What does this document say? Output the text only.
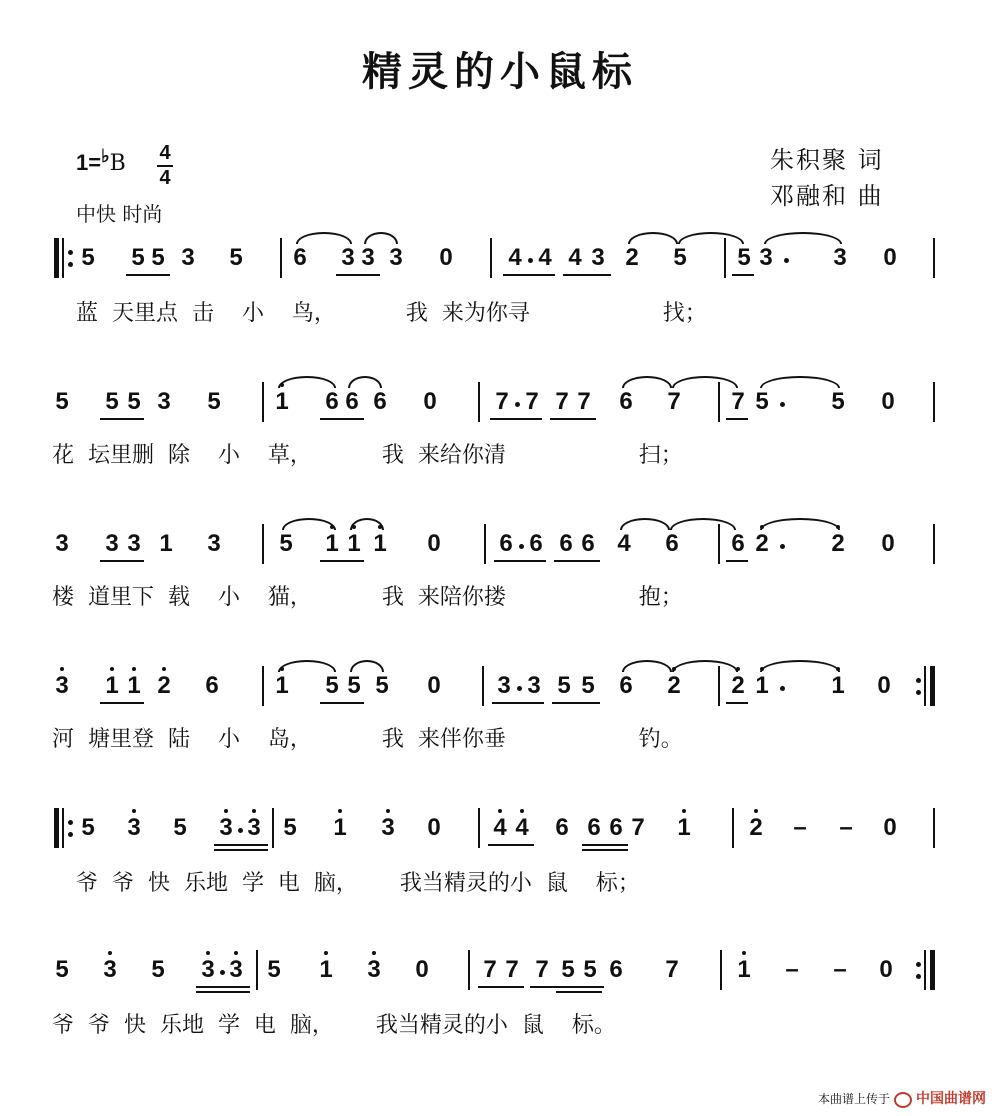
精灵的小鼠标
1=♭B 4
4
中快 时尚
朱积聚 词
邓融和 曲
5 5 5 3 5 6 3 3 3 0 4 4 4 3 2 5 5 3	3 0
蓝  天里点  击    小    鸟，          我  来为你寻                   找；
5 5 5 3 5 1 6 6 6 0 7 7 7 7 6 7 7 5	5 0
花  坛里删  除    小    草，          我  来给你清                   扫；
3 3 3 1 3 5 1 1 1 0 6 6 6 6 4 6 6 2	2 0
楼  道里下  载    小    猫，          我  来陪你搂                   抱；
3 1 1 2 6 1 5 5 5 0 3 3 5 5 6 2 2 1	1 0
河  塘里登  陆    小    岛，          我  来伴你垂                   钓。
5 3 5 3 3 5 1 3 0 4 4 6 6 6 7 1 2 – – 0
爷  爷  快  乐地  学  电  脑，      我当精灵的小  鼠    标；
5 3 5 3 3 5 1 3 0 7 7 7 5 5 6 7 1 – – 0
爷  爷  快  乐地  学  电  脑，      我当精灵的小  鼠    标。
本曲谱上传于 中国曲谱网
